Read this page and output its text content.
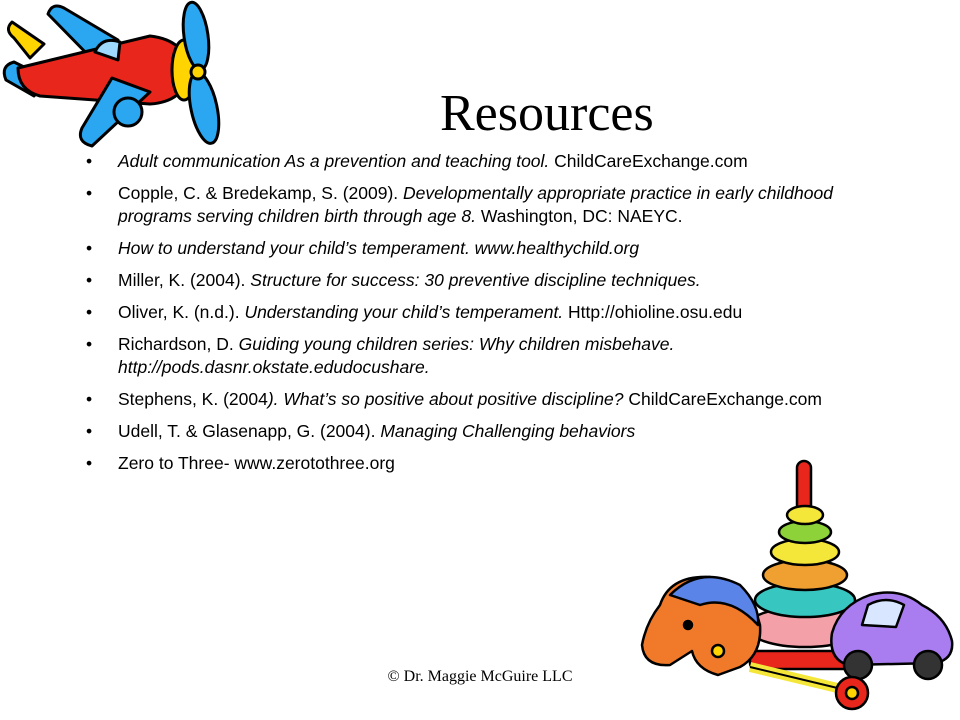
Resources
• Adult communication As a prevention and teaching tool. ChildCareExchange.com
• Copple, C. & Bredekamp, S. (2009). Developmentally appropriate practice in early childhood programs serving children birth through age 8. Washington, DC: NAEYC.
• How to understand your child’s temperament. www.healthychild.org
• Miller, K. (2004). Structure for success: 30 preventive discipline techniques.
• Oliver, K. (n.d.). Understanding your child’s temperament. Http://ohioline.osu.edu
• Richardson, D. Guiding young children series: Why children misbehave. http://pods.dasnr.okstate.edudocushare.
• Stephens, K. (2004). What’s so positive about positive discipline? ChildCareExchange.com
• Udell, T. & Glasenapp, G. (2004). Managing Challenging behaviors
• Zero to Three- www.zerotothree.org
© Dr. Maggie McGuire LLC
